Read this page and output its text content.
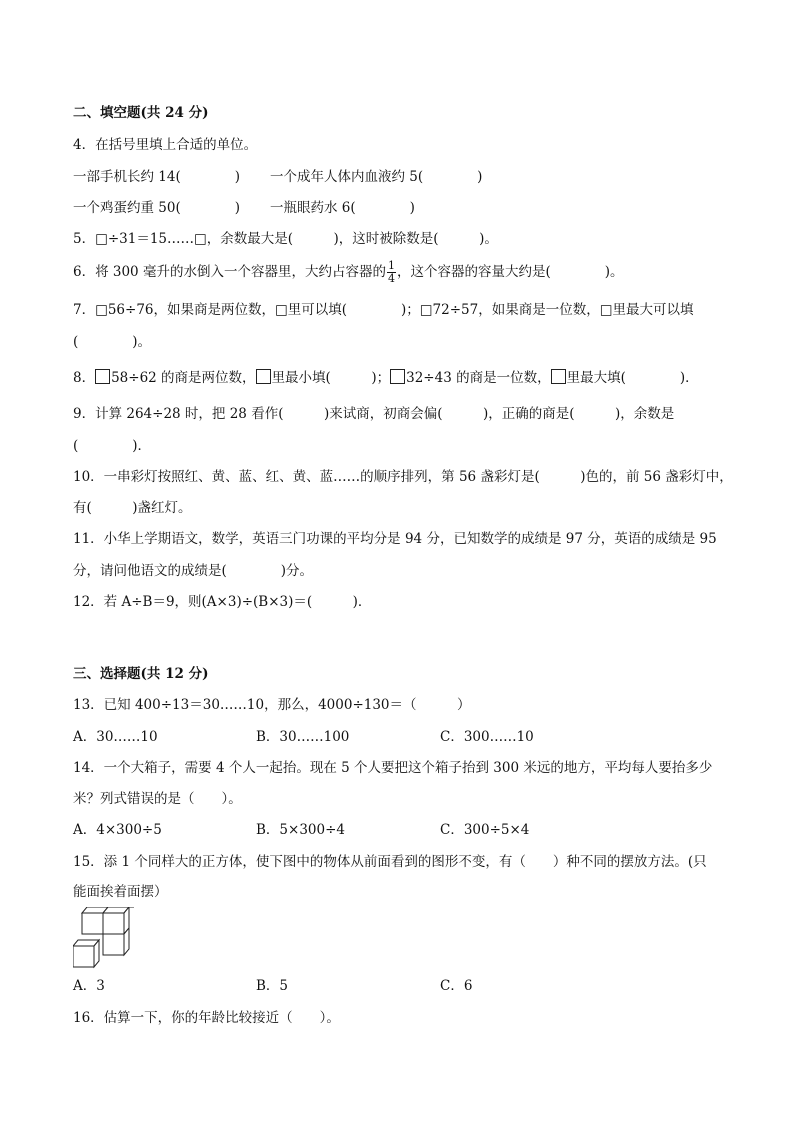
二、填空题(共 24 分)
4．在括号里填上合适的单位。
一部手机长约 14(　　　　) 一个成年人体内血液约 5(　　　　)
一个鸡蛋约重 50(　　　　) 一瓶眼药水 6(　　　　)
5．□÷31＝15……□，余数最大是(　　　)，这时被除数是(　　　)。
6．将 300 毫升的水倒入一个容器里，大约占容器的 $\frac{1}{4}$ ，这个容器的容量大约是(　　　　)。
7．□56÷76，如果商是两位数，□里可以填(　　　　)；□72÷57，如果商是一位数，□里最大可以填
(　　　　)。
8． 58÷62 的商是两位数， 里最小填(　　　)； 32÷43 的商是一位数， 里最大填(　　　　)．
9．计算 264÷28 时，把 28 看作(　　　)来试商，初商会偏(　　　)，正确的商是(　　　)，余数是
(　　　　)．
10．一串彩灯按照红、黄、蓝、红、黄、蓝……的顺序排列，第 56 盏彩灯是(　　　)色的，前 56 盏彩灯中，
有(　　　)盏红灯。
11．小华上学期语文，数学，英语三门功课的平均分是 94 分，已知数学的成绩是 97 分，英语的成绩是 95
分，请问他语文的成绩是(　　　　)分。
12．若 A÷B＝9，则(A×3)÷(B×3)＝(　　　)．
三、选择题(共 12 分)
13．已知 400÷13＝30……10，那么，4000÷130＝（　　　）
A．30……10	B．30……100	C．300……10
14．一个大箱子，需要 4 个人一起抬。现在 5 个人要把这个箱子抬到 300 米远的地方，平均每人要抬多少
米？列式错误的是（　　）。
A．4×300÷5	B．5×300÷4	C．300÷5×4
15．添 1 个同样大的正方体，使下图中的物体从前面看到的图形不变，有（　　）种不同的摆放方法。(只
能面挨着面摆）
A．3	B．5	C．6
16．估算一下，你的年龄比较接近（　　）。
